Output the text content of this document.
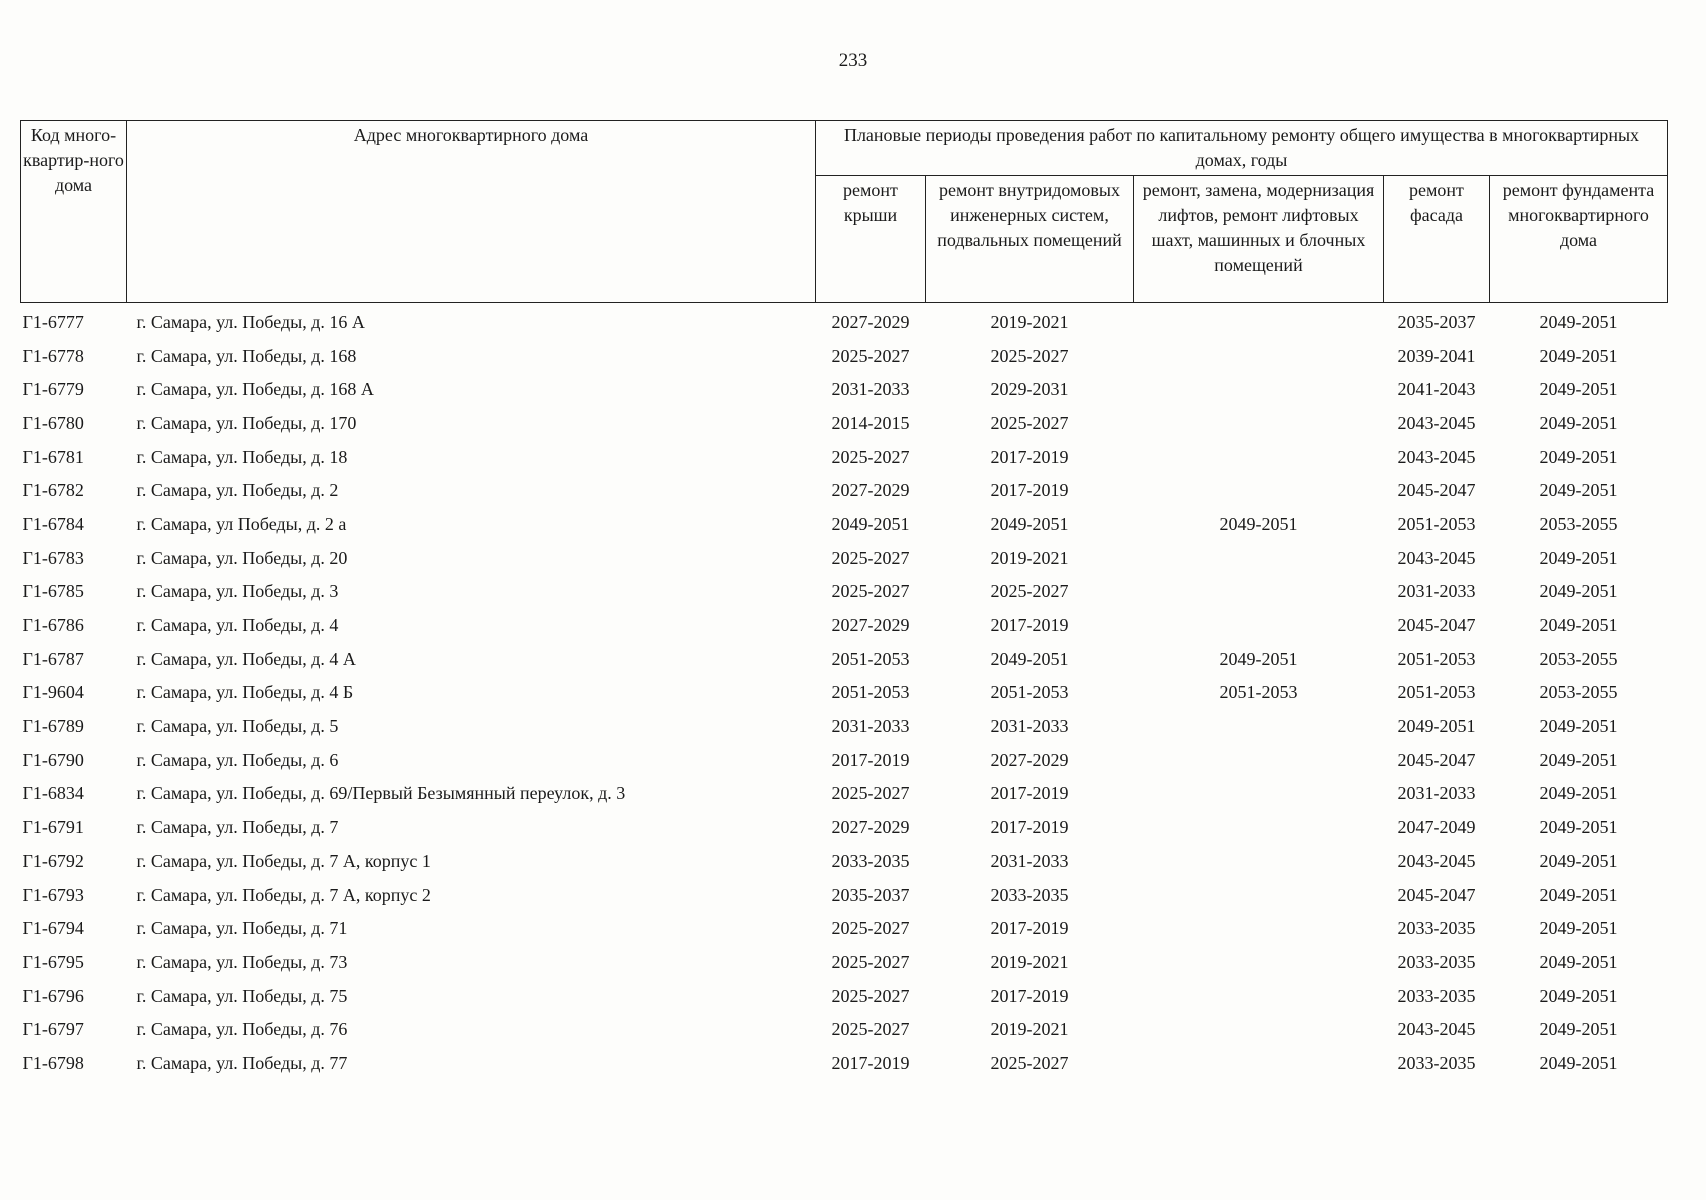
233
Код много-квартир-ного дома	Адрес многоквартирного дома	Плановые периоды проведения работ по капитальному ремонту общего имущества в многоквартирных домах, годы				
		ремонт крыши	ремонт внутридомовых инженерных систем, подвальных помещений	ремонт, замена, модернизация лифтов, ремонт лифтовых шахт, машинных и блочных помещений	ремонт фасада	ремонт фундамента многоквартирного дома
Г1-6777	г. Самара, ул. Победы, д. 16 А	2027-2029	2019-2021		2035-2037	2049-2051
Г1-6778	г. Самара, ул. Победы, д. 168	2025-2027	2025-2027		2039-2041	2049-2051
Г1-6779	г. Самара, ул. Победы, д. 168 А	2031-2033	2029-2031		2041-2043	2049-2051
Г1-6780	г. Самара, ул. Победы, д. 170	2014-2015	2025-2027		2043-2045	2049-2051
Г1-6781	г. Самара, ул. Победы, д. 18	2025-2027	2017-2019		2043-2045	2049-2051
Г1-6782	г. Самара, ул. Победы, д. 2	2027-2029	2017-2019		2045-2047	2049-2051
Г1-6784	г. Самара, ул Победы, д. 2 а	2049-2051	2049-2051	2049-2051	2051-2053	2053-2055
Г1-6783	г. Самара, ул. Победы, д. 20	2025-2027	2019-2021		2043-2045	2049-2051
Г1-6785	г. Самара, ул. Победы, д. 3	2025-2027	2025-2027		2031-2033	2049-2051
Г1-6786	г. Самара, ул. Победы, д. 4	2027-2029	2017-2019		2045-2047	2049-2051
Г1-6787	г. Самара, ул. Победы, д. 4 А	2051-2053	2049-2051	2049-2051	2051-2053	2053-2055
Г1-9604	г. Самара, ул. Победы, д. 4 Б	2051-2053	2051-2053	2051-2053	2051-2053	2053-2055
Г1-6789	г. Самара, ул. Победы, д. 5	2031-2033	2031-2033		2049-2051	2049-2051
Г1-6790	г. Самара, ул. Победы, д. 6	2017-2019	2027-2029		2045-2047	2049-2051
Г1-6834	г. Самара, ул. Победы, д. 69/Первый Безымянный переулок, д. 3	2025-2027	2017-2019		2031-2033	2049-2051
Г1-6791	г. Самара, ул. Победы, д. 7	2027-2029	2017-2019		2047-2049	2049-2051
Г1-6792	г. Самара, ул. Победы, д. 7 А, корпус 1	2033-2035	2031-2033		2043-2045	2049-2051
Г1-6793	г. Самара, ул. Победы, д. 7 А, корпус 2	2035-2037	2033-2035		2045-2047	2049-2051
Г1-6794	г. Самара, ул. Победы, д. 71	2025-2027	2017-2019		2033-2035	2049-2051
Г1-6795	г. Самара, ул. Победы, д. 73	2025-2027	2019-2021		2033-2035	2049-2051
Г1-6796	г. Самара, ул. Победы, д. 75	2025-2027	2017-2019		2033-2035	2049-2051
Г1-6797	г. Самара, ул. Победы, д. 76	2025-2027	2019-2021		2043-2045	2049-2051
Г1-6798	г. Самара, ул. Победы, д. 77	2017-2019	2025-2027		2033-2035	2049-2051
